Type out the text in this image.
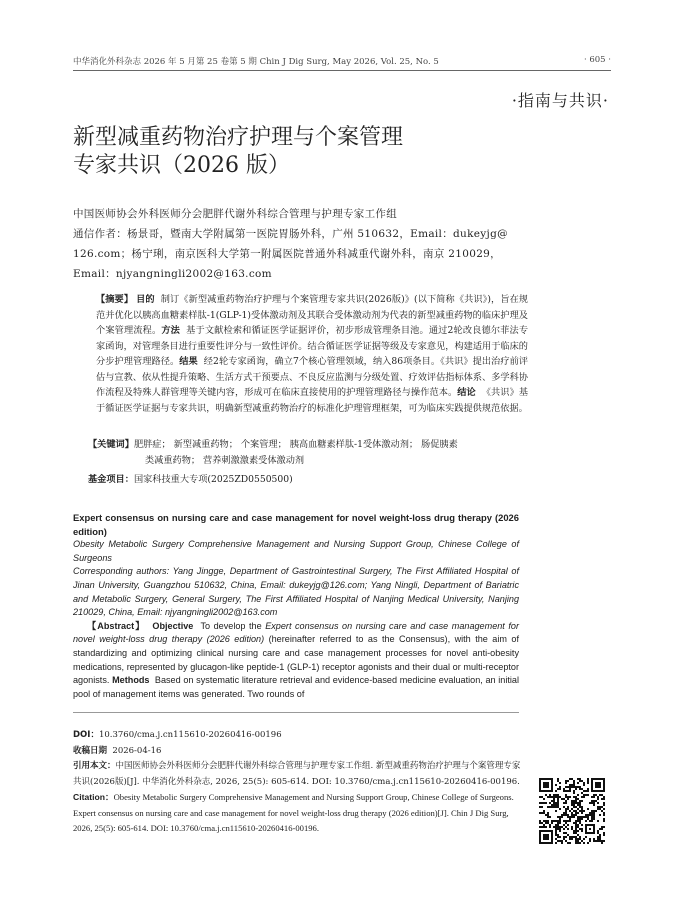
中华消化外科杂志 2026 年 5 月第 25 卷第 5 期 Chin J Dig Surg, May 2026, Vol. 25, No. 5	· 605 ·
·指南与共识·
新型减重药物治疗护理与个案管理
专家共识（2026 版）
中国医师协会外科医师分会肥胖代谢外科综合管理与护理专家工作组
通信作者：杨景哥，暨南大学附属第一医院胃肠外科，广州 510632，Email：dukeyjg@
126.com；杨宁琍，南京医科大学第一附属医院普通外科减重代谢外科，南京 210029，
Email：njyangningli2002@163.com
【摘要】 目的 制订《新型减重药物治疗护理与个案管理专家共识(2026版)》(以下简称《共识》)，旨在规范并优化以胰高血糖素样肽-1(GLP-1)受体激动剂及其联合受体激动剂为代表的新型减重药物的临床护理及个案管理流程。方法 基于文献检索和循证医学证据评价，初步形成管理条目池。通过2轮改良德尔菲法专家函询，对管理条目进行重要性评分与一致性评价。结合循证医学证据等级及专家意见，构建适用于临床的分步护理管理路径。结果 经2轮专家函询，确立7个核心管理领域，纳入86项条目。《共识》提出治疗前评估与宣教、依从性提升策略、生活方式干预要点、不良反应监测与分级处置、疗效评估指标体系、多学科协作流程及特殊人群管理等关键内容，形成可在临床直接使用的护理管理路径与操作范本。结论 《共识》基于循证医学证据与专家共识，明确新型减重药物治疗的标准化护理管理框架，可为临床实践提供规范依据。
【关键词】肥胖症； 新型减重药物； 个案管理； 胰高血糖素样肽-1受体激动剂； 肠促胰素
类减重药物； 营养刺激激素受体激动剂
基金项目：国家科技重大专项(2025ZD0550500)

Expert consensus on nursing care and case management for novel weight-loss drug therapy (2026 edition)

Obesity Metabolic Surgery Comprehensive Management and Nursing Support Group, Chinese College of Surgeons

Corresponding authors: Yang Jingge, Department of Gastrointestinal Surgery, The First Affiliated Hospital of Jinan University, Guangzhou 510632, China, Email: dukeyjg@126.com; Yang Ningli, Department of Bariatric and Metabolic Surgery, General Surgery, The First Affiliated Hospital of Nanjing Medical University, Nanjing 210029, China, Email: njyangningli2002@163.com

【Abstract】 Objective To develop the Expert consensus on nursing care and case management for novel weight-loss drug therapy (2026 edition) (hereinafter referred to as the Consensus), with the aim of standardizing and optimizing clinical nursing care and case management processes for novel anti-obesity medications, represented by glucagon-like peptide-1 (GLP-1) receptor agonists and their dual or multi-receptor agonists. Methods Based on systematic literature retrieval and evidence-based medicine evaluation, an initial pool of management items was generated. Two rounds of

DOI：10.3760/cma.j.cn115610-20260416-00196
收稿日期 2026-04-16
引用本文：中国医师协会外科医师分会肥胖代谢外科综合管理与护理专家工作组. 新型减重药物治疗护理与个案管理专家共识(2026版)[J]. 中华消化外科杂志, 2026, 25(5): 605-614. DOI: 10.3760/cma.j.cn115610-20260416-00196.
Citation：Obesity Metabolic Surgery Comprehensive Management and Nursing Support Group, Chinese College of Surgeons. Expert consensus on nursing care and case management for novel weight-loss drug therapy (2026 edition)[J]. Chin J Dig Surg, 2026, 25(5): 605-614. DOI: 10.3760/cma.j.cn115610-20260416-00196.
